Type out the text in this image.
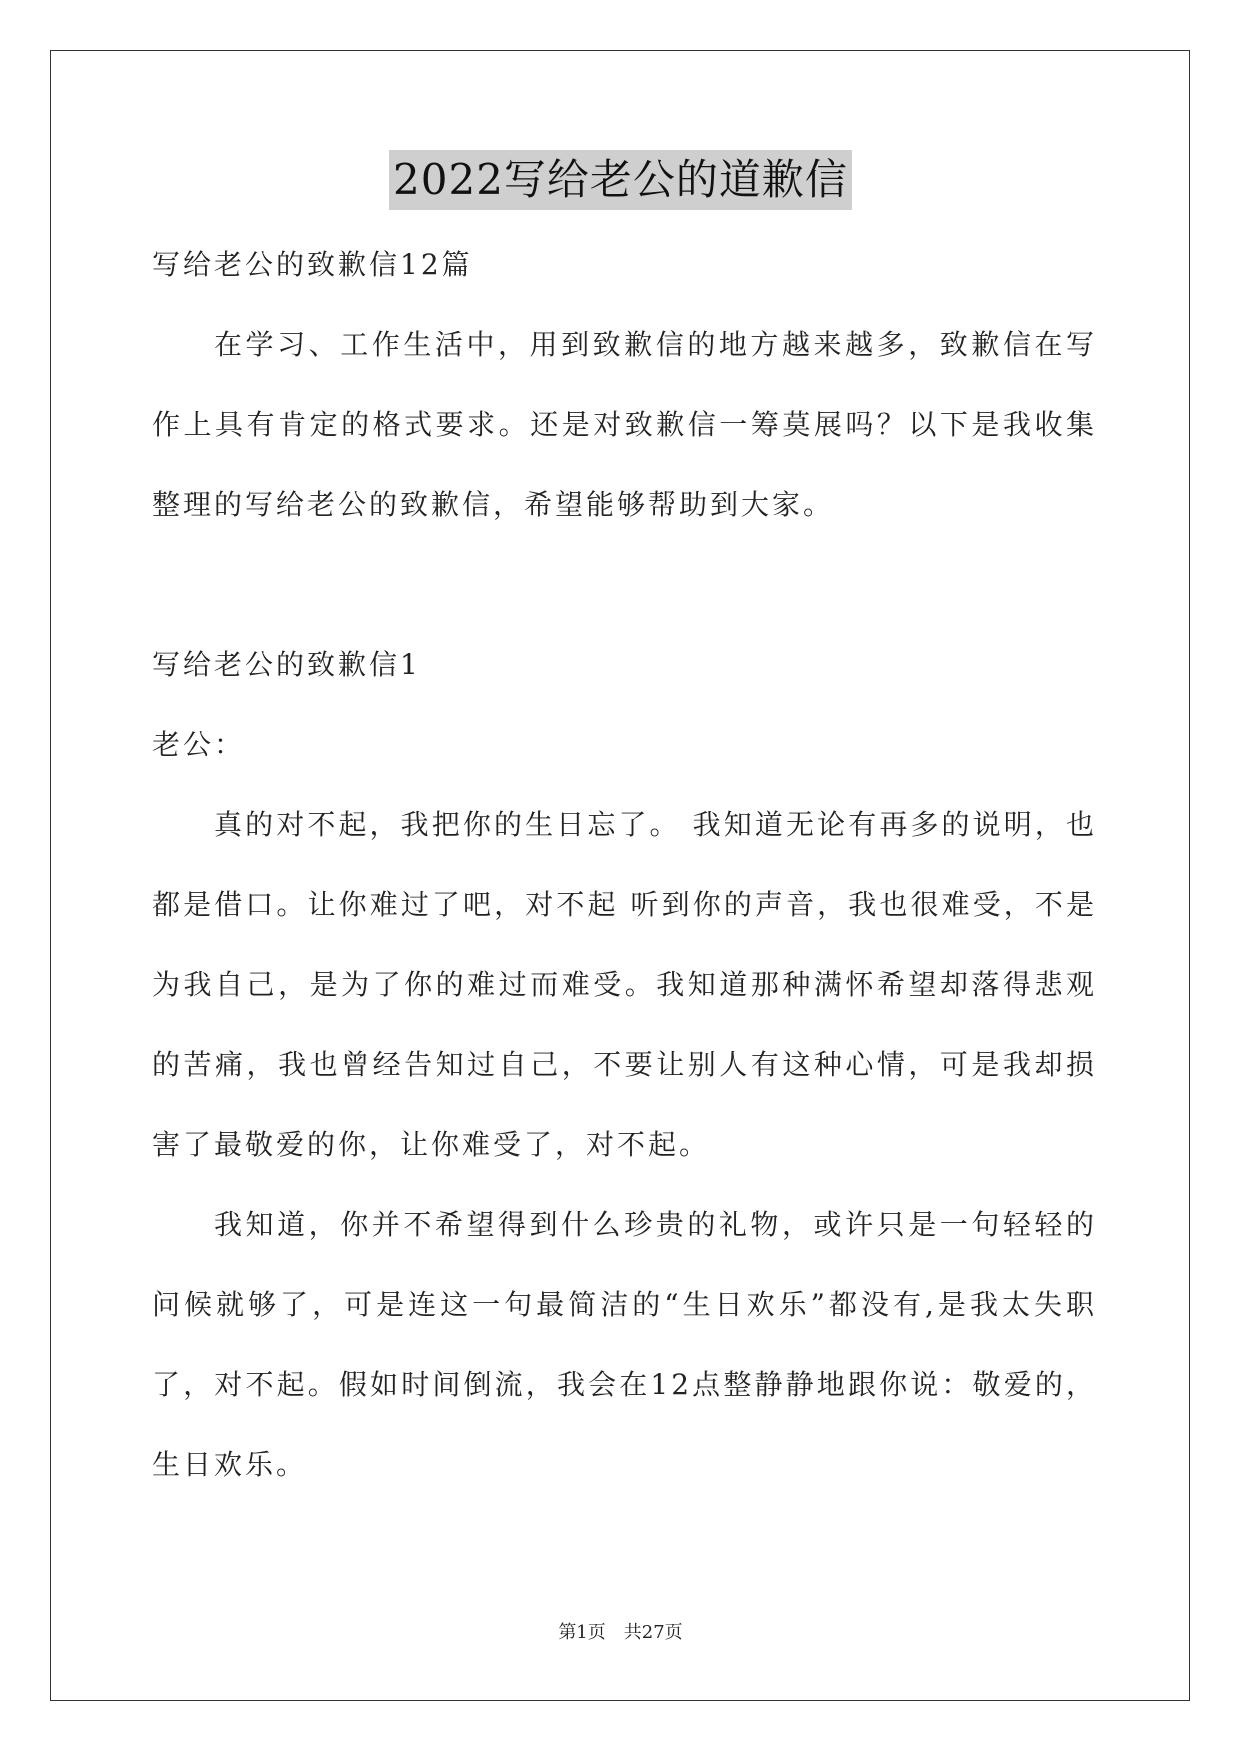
2022写给老公的道歉信
写给老公的致歉信12篇
在学习、工作生活中，用到致歉信的地方越来越多，致歉信在写
作上具有肯定的格式要求。还是对致歉信一筹莫展吗？以下是我收集
整理的写给老公的致歉信，希望能够帮助到大家。
写给老公的致歉信1
老公：
真的对不起，我把你的生日忘了。 我知道无论有再多的说明，也
都是借口。让你难过了吧，对不起 听到你的声音，我也很难受，不是
为我自己，是为了你的难过而难受。我知道那种满怀希望却落得悲观
的苦痛，我也曾经告知过自己，不要让别人有这种心情，可是我却损
害了最敬爱的你，让你难受了，对不起。
我知道，你并不希望得到什么珍贵的礼物，或许只是一句轻轻的
问候就够了，可是连这一句最简洁的“生日欢乐”都没有,是我太失职
了，对不起。假如时间倒流，我会在12点整静静地跟你说：敬爱的，
生日欢乐。
第1页　共27页
